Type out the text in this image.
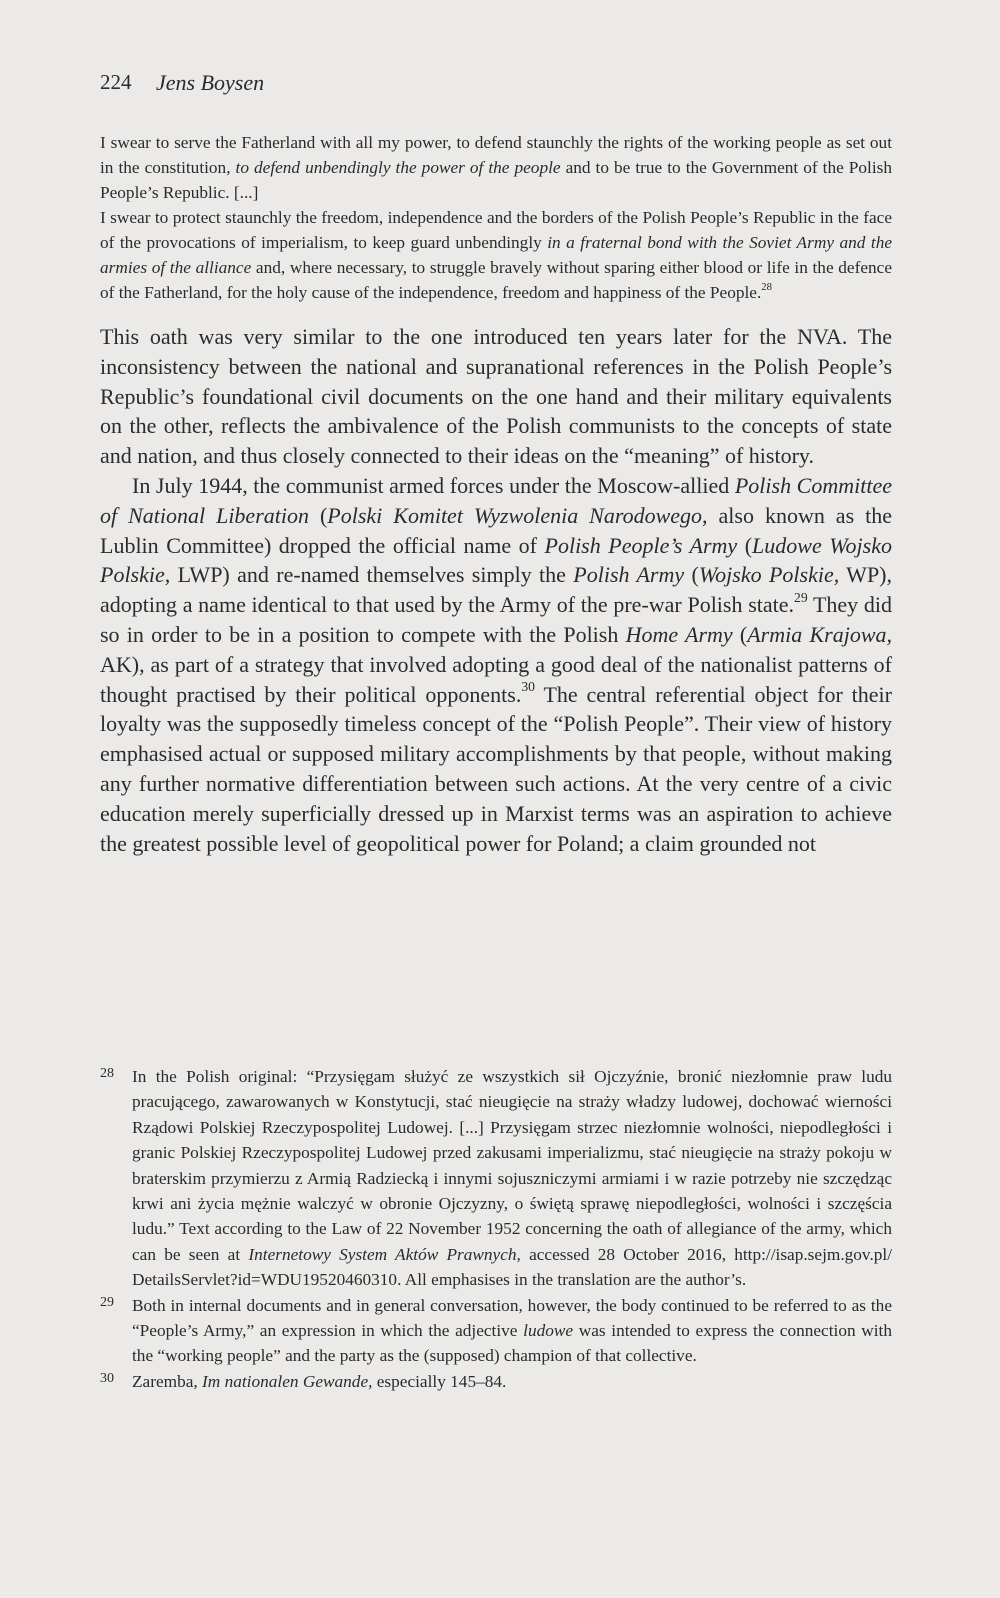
224 Jens Boysen

I swear to serve the Fatherland with all my power, to defend staunchly the rights of the working people as set out in the constitution, to defend unbendingly the power of the people and to be true to the Government of the Polish People’s Republic. [...]

I swear to protect staunchly the freedom, independence and the borders of the Polish People’s Republic in the face of the provocations of imperialism, to keep guard unbendingly in a fraternal bond with the Soviet Army and the armies of the alliance and, where necessary, to struggle bravely without sparing either blood or life in the defence of the Fatherland, for the holy cause of the independence, freedom and happiness of the People.$^{28}$

This oath was very similar to the one introduced ten years later for the NVA. The inconsistency between the national and supranational references in the Polish People’s Republic’s foundational civil documents on the one hand and their military equivalents on the other, reflects the ambivalence of the Polish communists to the concepts of state and nation, and thus closely connected to their ideas on the “meaning” of history.

In July 1944, the communist armed forces under the Moscow-allied Polish Committee of National Liberation (Polski Komitet Wyzwolenia Narodowego, also known as the Lublin Committee) dropped the official name of Polish People’s Army (Ludowe Wojsko Polskie, LWP) and re-named themselves simply the Polish Army (Wojsko Polskie, WP), adopting a name identical to that used by the Army of the pre-war Polish state.$^{29}$ They did so in order to be in a position to compete with the Polish Home Army (Armia Krajowa, AK), as part of a strategy that involved adopting a good deal of the nationalist patterns of thought practised by their political opponents.$^{30}$ The central referential object for their loyalty was the supposedly timeless concept of the “Polish People”. Their view of history emphasised actual or supposed military accomplishments by that people, without making any further normative differentiation between such actions. At the very centre of a civic education merely superficially dressed up in Marxist terms was an aspiration to achieve the greatest possible level of geopolitical power for Poland; a claim grounded not

28 In the Polish original: “Przysięgam służyć ze wszystkich sił Ojczyźnie, bronić niezłomnie praw ludu pracującego, zawarowanych w Konstytucji, stać nieugięcie na straży władzy ludowej, dochować wierności Rządowi Polskiej Rzeczypospolitej Ludowej. [...] Przysięgam strzec niezłomnie wolności, niepodległości i granic Polskiej Rzeczypospolitej Ludowej przed zakusami imperializmu, stać nieugięcie na straży pokoju w braterskim przymierzu z Armią Radziecką i innymi sojuszniczymi armiami i w razie potrzeby nie szczędząc krwi ani życia mężnie walczyć w obronie Ojczyzny, o świętą sprawę niepodległości, wolności i szczęścia ludu.” Text according to the Law of 22 November 1952 concerning the oath of allegiance of the army, which can be seen at Internetowy System Aktów Prawnych, accessed 28 October 2016, http://isap.sejm.gov.pl/ DetailsServlet?id=WDU19520460310. All emphasises in the translation are the author’s.
29 Both in internal documents and in general conversation, however, the body continued to be referred to as the “People’s Army,” an expression in which the adjective ludowe was intended to express the connection with the “working people” and the party as the (supposed) champion of that collective.
30 Zaremba, Im nationalen Gewande, especially 145–84.
